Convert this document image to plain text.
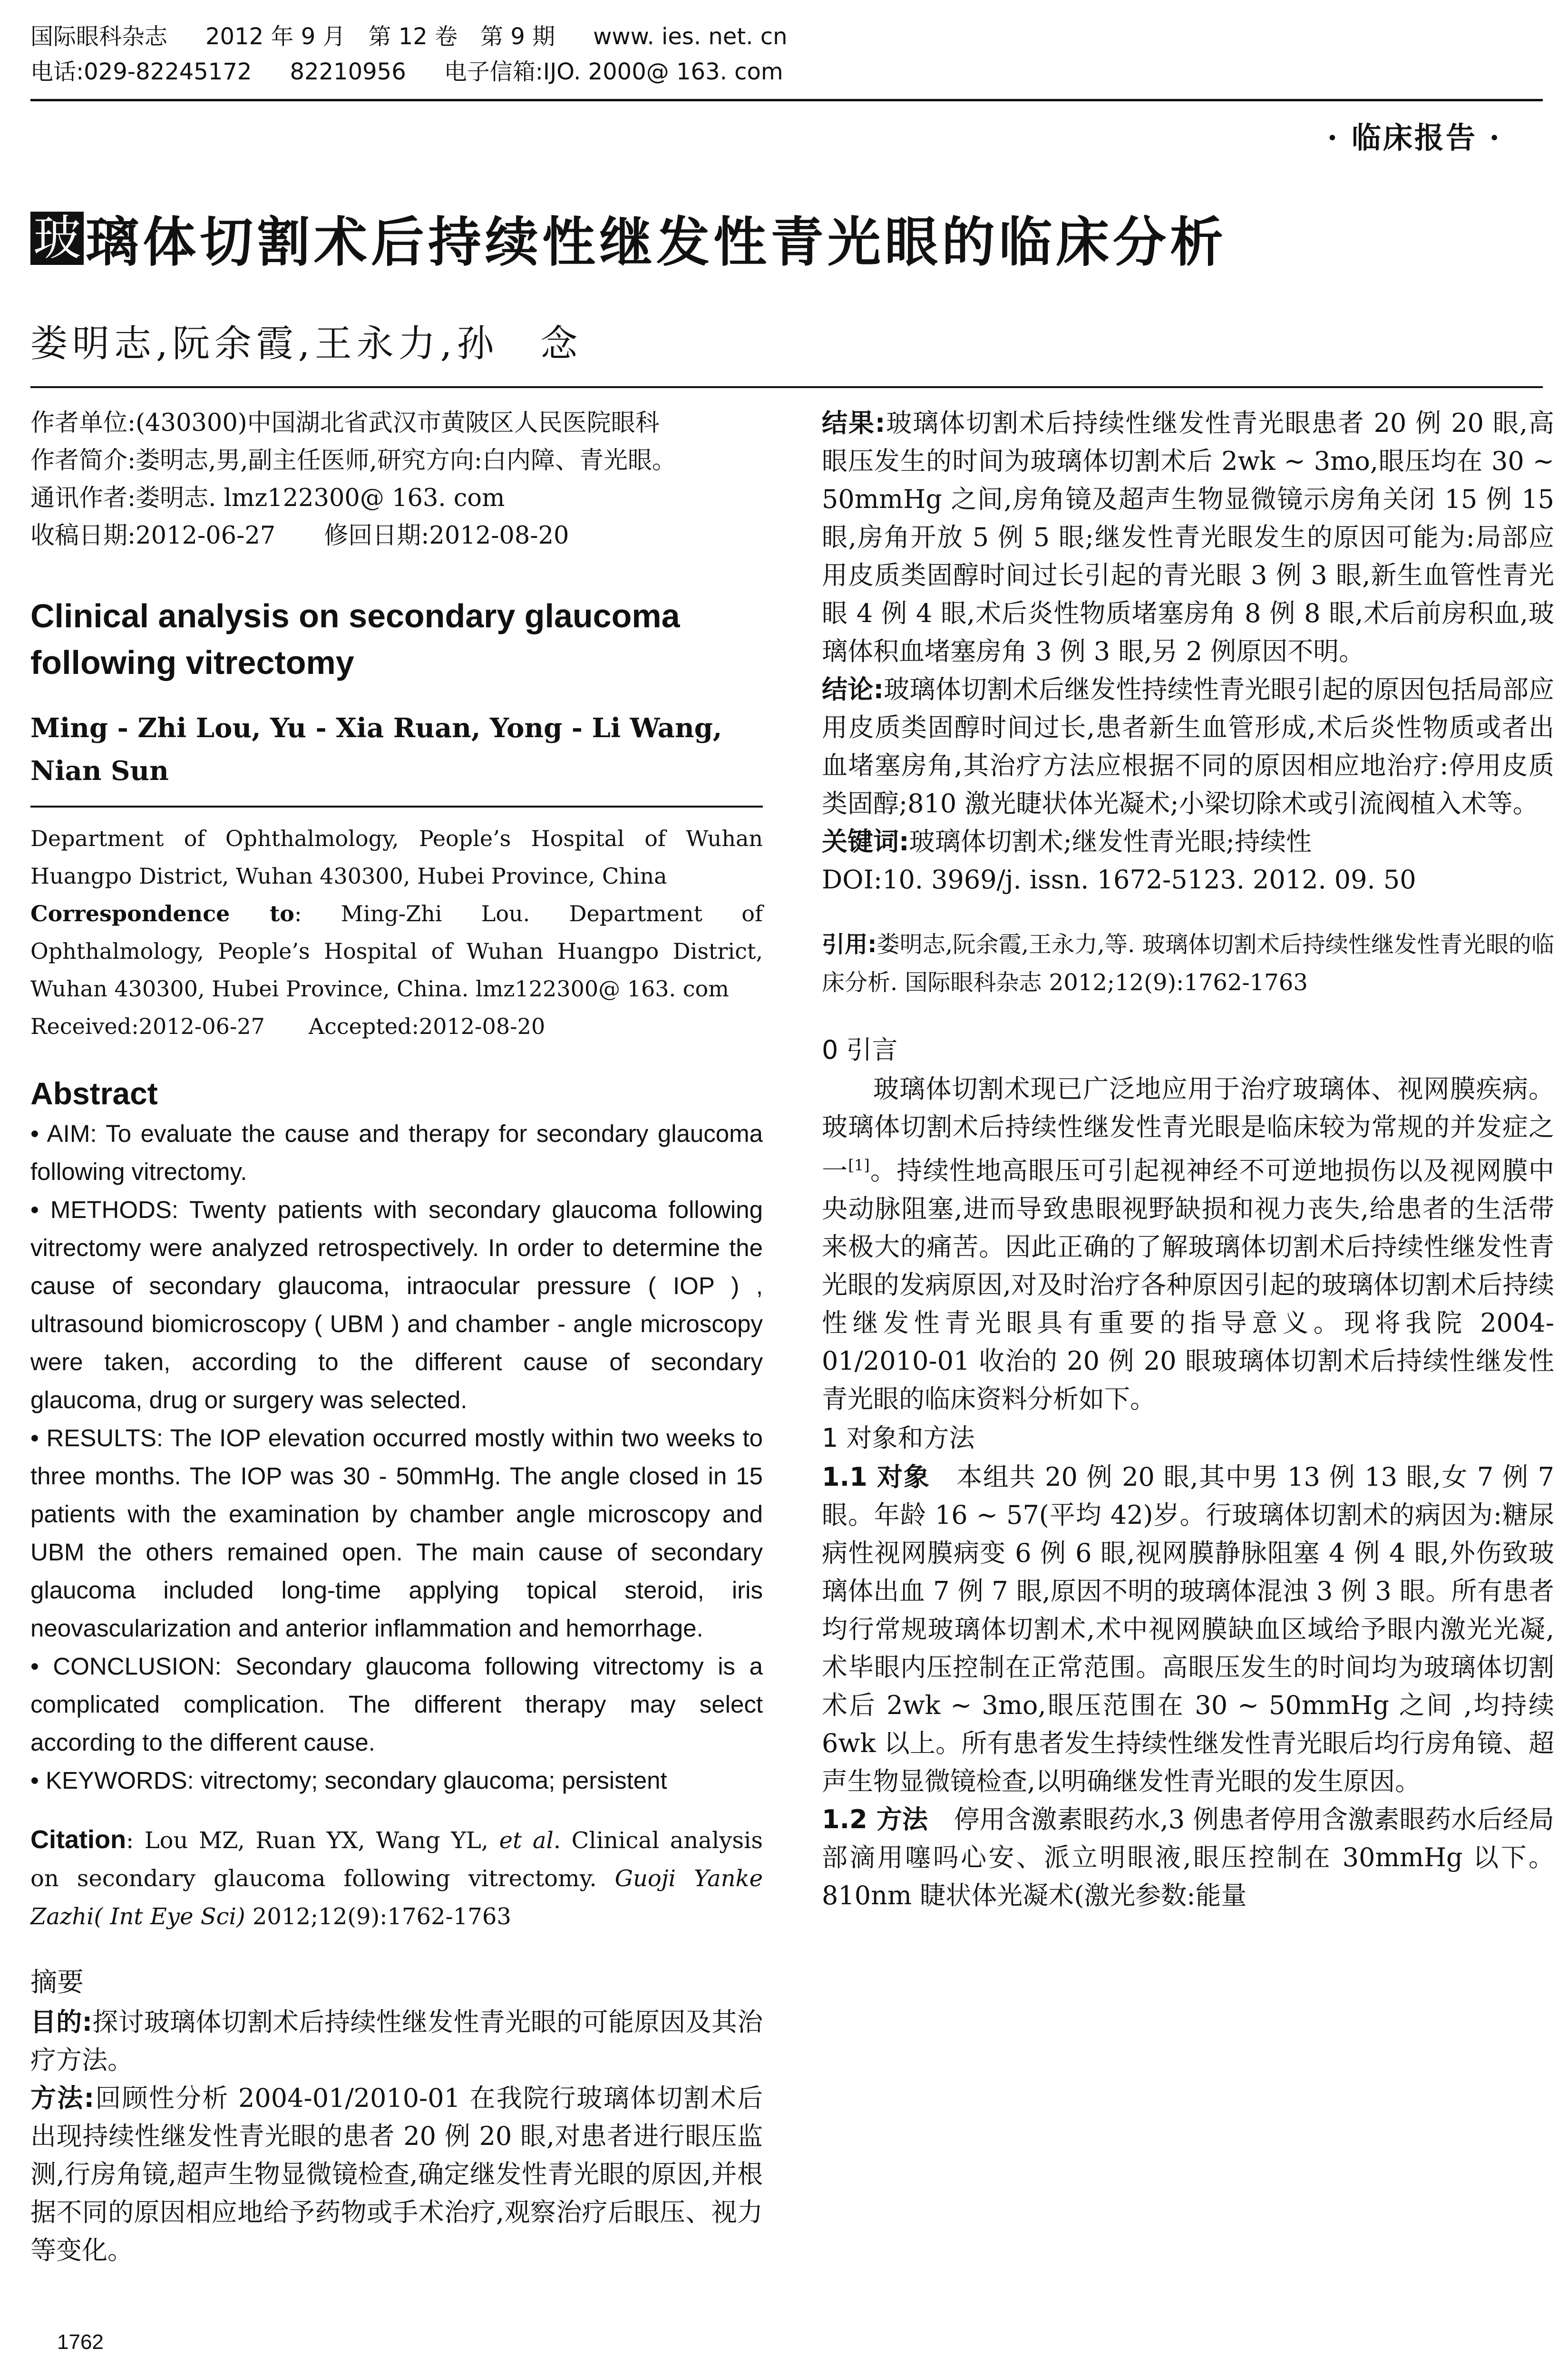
国际眼科杂志 2012 年 9 月　第 12 卷　第 9 期 www. ies. net. cn
电话:029-82245172 82210956 电子信箱:IJO. 2000@ 163. com
· 临床报告 ·
玻 璃体切割术后持续性继发性青光眼的临床分析
娄明志,阮余霞,王永力,孙　念

作者单位:(430300)中国湖北省武汉市黄陂区人民医院眼科

作者简介:娄明志,男,副主任医师,研究方向:白内障、青光眼。

通讯作者:娄明志. lmz122300@ 163. com

收稿日期:2012-06-27　　修回日期:2012-08-20

Clinical analysis on secondary glaucoma following vitrectomy
Ming - Zhi Lou, Yu - Xia Ruan, Yong - Li Wang, Nian Sun

Department of Ophthalmology, People’s Hospital of Wuhan Huangpo District, Wuhan 430300, Hubei Province, China

Correspondence to: Ming-Zhi Lou. Department of Ophthalmology, People’s Hospital of Wuhan Huangpo District, Wuhan 430300, Hubei Province, China. lmz122300@ 163. com

Received:2012-06-27　　Accepted:2012-08-20

Abstract

• AIM: To evaluate the cause and therapy for secondary glaucoma following vitrectomy.

• METHODS: Twenty patients with secondary glaucoma following vitrectomy were analyzed retrospectively. In order to determine the cause of secondary glaucoma, intraocular pressure ( IOP ) , ultrasound biomicroscopy ( UBM ) and chamber - angle microscopy were taken, according to the different cause of secondary glaucoma, drug or surgery was selected.

• RESULTS: The IOP elevation occurred mostly within two weeks to three months. The IOP was 30 - 50mmHg. The angle closed in 15 patients with the examination by chamber angle microscopy and UBM the others remained open. The main cause of secondary glaucoma included long-time applying topical steroid, iris neovascularization and anterior inflammation and hemorrhage.

• CONCLUSION: Secondary glaucoma following vitrectomy is a complicated complication. The different therapy may select according to the different cause.

• KEYWORDS: vitrectomy; secondary glaucoma; persistent

Citation: Lou MZ, Ruan YX, Wang YL, et al. Clinical analysis on secondary glaucoma following vitrectomy. Guoji Yanke Zazhi( Int Eye Sci) 2012;12(9):1762-1763
摘要

目的:探讨玻璃体切割术后持续性继发性青光眼的可能原因及其治疗方法。

方法:回顾性分析 2004-01/2010-01 在我院行玻璃体切割术后出现持续性继发性青光眼的患者 20 例 20 眼,对患者进行眼压监测,行房角镜,超声生物显微镜检查,确定继发性青光眼的原因,并根据不同的原因相应地给予药物或手术治疗,观察治疗后眼压、视力等变化。

结果:玻璃体切割术后持续性继发性青光眼患者 20 例 20 眼,高眼压发生的时间为玻璃体切割术后 2wk ~ 3mo,眼压均在 30 ~ 50mmHg 之间,房角镜及超声生物显微镜示房角关闭 15 例 15 眼,房角开放 5 例 5 眼;继发性青光眼发生的原因可能为:局部应用皮质类固醇时间过长引起的青光眼 3 例 3 眼,新生血管性青光眼 4 例 4 眼,术后炎性物质堵塞房角 8 例 8 眼,术后前房积血,玻璃体积血堵塞房角 3 例 3 眼,另 2 例原因不明。

结论:玻璃体切割术后继发性持续性青光眼引起的原因包括局部应用皮质类固醇时间过长,患者新生血管形成,术后炎性物质或者出血堵塞房角,其治疗方法应根据不同的原因相应地治疗:停用皮质类固醇;810 激光睫状体光凝术;小梁切除术或引流阀植入术等。

关键词:玻璃体切割术;继发性青光眼;持续性

DOI:10. 3969/j. issn. 1672-5123. 2012. 09. 50

引用:娄明志,阮余霞,王永力,等. 玻璃体切割术后持续性继发性青光眼的临床分析. 国际眼科杂志 2012;12(9):1762-1763

0 引言

玻璃体切割术现已广泛地应用于治疗玻璃体、视网膜疾病。玻璃体切割术后持续性继发性青光眼是临床较为常规的并发症之一[1]。持续性地高眼压可引起视神经不可逆地损伤以及视网膜中央动脉阻塞,进而导致患眼视野缺损和视力丧失,给患者的生活带来极大的痛苦。因此正确的了解玻璃体切割术后持续性继发性青光眼的发病原因,对及时治疗各种原因引起的玻璃体切割术后持续性继发性青光眼具有重要的指导意义。现将我院 2004-01/2010-01 收治的 20 例 20 眼玻璃体切割术后持续性继发性青光眼的临床资料分析如下。

1 对象和方法

1.1 对象　 本组共 20 例 20 眼,其中男 13 例 13 眼,女 7 例 7 眼。年龄 16 ~ 57(平均 42)岁。行玻璃体切割术的病因为:糖尿病性视网膜病变 6 例 6 眼,视网膜静脉阻塞 4 例 4 眼,外伤致玻璃体出血 7 例 7 眼,原因不明的玻璃体混浊 3 例 3 眼。所有患者均行常规玻璃体切割术,术中视网膜缺血区域给予眼内激光光凝,术毕眼内压控制在正常范围。高眼压发生的时间均为玻璃体切割术后 2wk ~ 3mo,眼压范围在 30 ~ 50mmHg 之间 ,均持续 6wk 以上。所有患者发生持续性继发性青光眼后均行房角镜、超声生物显微镜检查,以明确继发性青光眼的发生原因。

1.2 方法　 停用含激素眼药水,3 例患者停用含激素眼药水后经局部滴用噻吗心安、派立明眼液,眼压控制在 30mmHg 以下。810nm 睫状体光凝术(激光参数:能量

1762
